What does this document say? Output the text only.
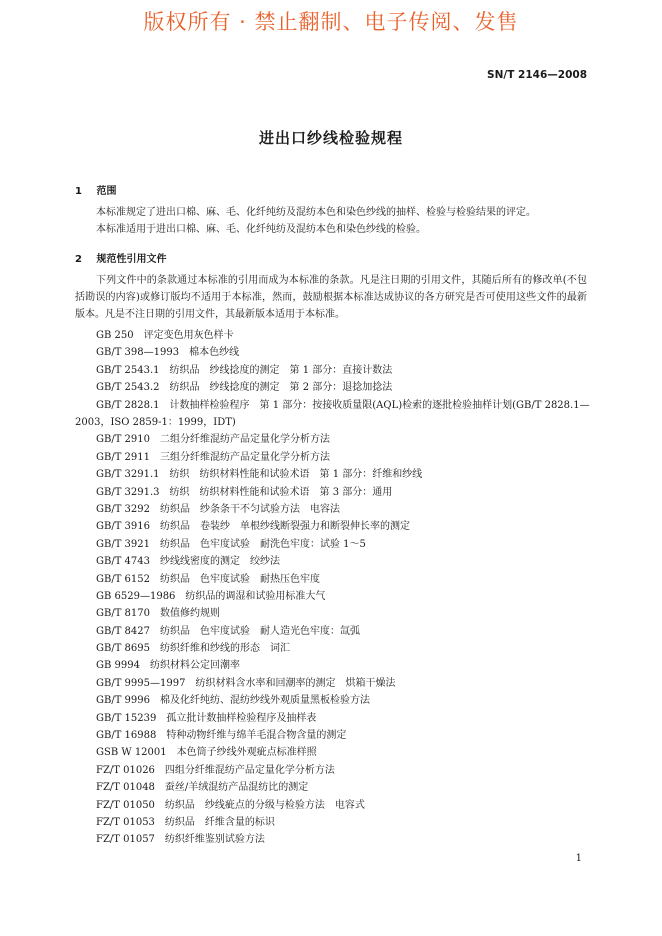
版权所有 · 禁止翻制、电子传阅、发售
SN/T 2146—2008
进出口纱线检验规程
1 范围
本标准规定了进出口棉、麻、毛、化纤纯纺及混纺本色和染色纱线的抽样、检验与检验结果的评定。
本标准适用于进出口棉、麻、毛、化纤纯纺及混纺本色和染色纱线的检验。
2 规范性引用文件
下列文件中的条款通过本标准的引用而成为本标准的条款。凡是注日期的引用文件，其随后所有的修改单(不包括勘误的内容)或修订版均不适用于本标准，然而，鼓励根据本标准达成协议的各方研究是否可使用这些文件的最新版本。凡是不注日期的引用文件，其最新版本适用于本标准。
GB 250　评定变色用灰色样卡
GB/T 398—1993　棉本色纱线
GB/T 2543.1　纺织品　纱线捻度的测定　第 1 部分：直接计数法
GB/T 2543.2　纺织品　纱线捻度的测定　第 2 部分：退捻加捻法
GB/T 2828.1　计数抽样检验程序　第 1 部分：按接收质量限(AQL)检索的逐批检验抽样计划(GB/T 2828.1—2003，ISO 2859-1：1999，IDT)
GB/T 2910　二组分纤维混纺产品定量化学分析方法
GB/T 2911　三组分纤维混纺产品定量化学分析方法
GB/T 3291.1　纺织　纺织材料性能和试验术语　第 1 部分：纤维和纱线
GB/T 3291.3　纺织　纺织材料性能和试验术语　第 3 部分：通用
GB/T 3292　纺织品　纱条条干不匀试验方法　电容法
GB/T 3916　纺织品　卷装纱　单根纱线断裂强力和断裂伸长率的测定
GB/T 3921　纺织品　色牢度试验　耐洗色牢度：试验 1～5
GB/T 4743　纱线线密度的测定　绞纱法
GB/T 6152　纺织品　色牢度试验　耐热压色牢度
GB 6529—1986　纺织品的调湿和试验用标准大气
GB/T 8170　数值修约规则
GB/T 8427　纺织品　色牢度试验　耐人造光色牢度：氙弧
GB/T 8695　纺织纤维和纱线的形态　词汇
GB 9994　纺织材料公定回潮率
GB/T 9995—1997　纺织材料含水率和回潮率的测定　烘箱干燥法
GB/T 9996　棉及化纤纯纺、混纺纱线外观质量黑板检验方法
GB/T 15239　孤立批计数抽样检验程序及抽样表
GB/T 16988　特种动物纤维与绵羊毛混合物含量的测定
GSB W 12001　本色筒子纱线外观疵点标准样照
FZ/T 01026　四组分纤维混纺产品定量化学分析方法
FZ/T 01048　蚕丝/羊绒混纺产品混纺比的测定
FZ/T 01050　纺织品　纱线疵点的分级与检验方法　电容式
FZ/T 01053　纺织品　纤维含量的标识
FZ/T 01057　纺织纤维鉴别试验方法
1
